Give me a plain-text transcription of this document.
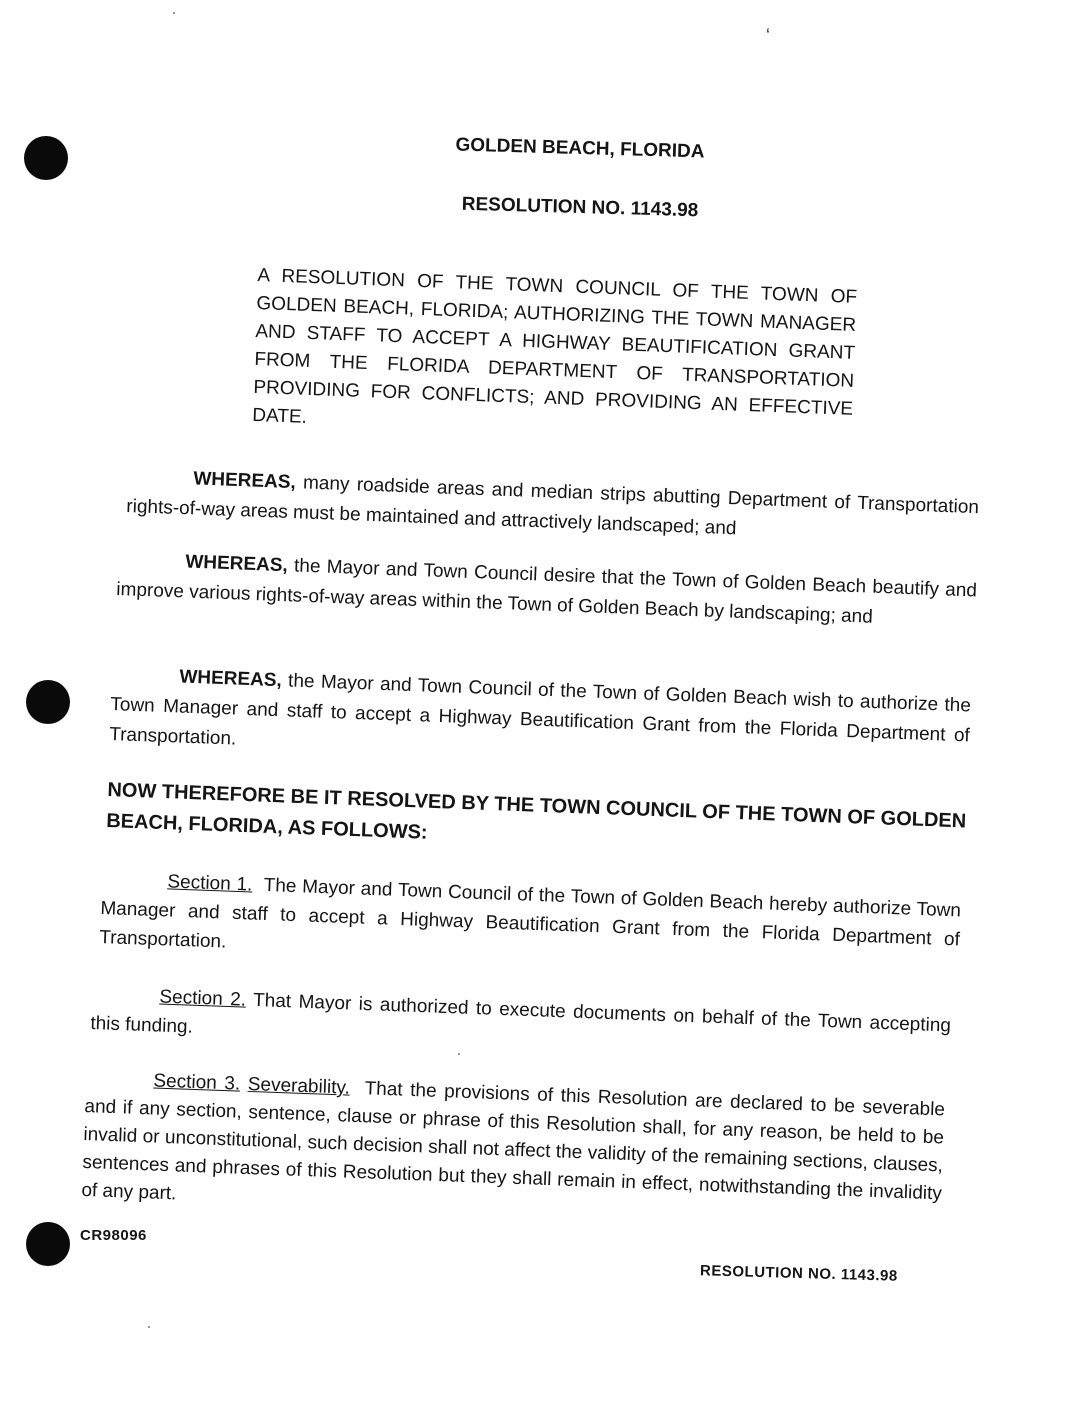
ʻ
GOLDEN BEACH, FLORIDA
RESOLUTION NO. 1143.98
A RESOLUTION OF THE TOWN COUNCIL OF THE TOWN OF GOLDEN BEACH, FLORIDA; AUTHORIZING THE TOWN MANAGER AND STAFF TO ACCEPT A HIGHWAY BEAUTIFICATION GRANT FROM THE FLORIDA DEPARTMENT OF TRANSPORTATION PROVIDING FOR CONFLICTS; AND PROVIDING AN EFFECTIVE DATE.
WHEREAS, many roadside areas and median strips abutting Department of Transportation rights-of-way areas must be maintained and attractively landscaped; and
WHEREAS, the Mayor and Town Council desire that the Town of Golden Beach beautify and improve various rights-of-way areas within the Town of Golden Beach by landscaping; and
WHEREAS, the Mayor and Town Council of the Town of Golden Beach wish to authorize the Town Manager and staff to accept a Highway Beautification Grant from the Florida Department of Transportation.
NOW THEREFORE BE IT RESOLVED BY THE TOWN COUNCIL OF THE TOWN OF GOLDEN BEACH, FLORIDA, AS FOLLOWS:
Section 1. The Mayor and Town Council of the Town of Golden Beach hereby authorize Town Manager and staff to accept a Highway Beautification Grant from the Florida Department of Transportation.
Section 2. That Mayor is authorized to execute documents on behalf of the Town accepting this funding.
Section 3. Severability. That the provisions of this Resolution are declared to be severable and if any section, sentence, clause or phrase of this Resolution shall, for any reason, be held to be invalid or unconstitutional, such decision shall not affect the validity of the remaining sections, clauses, sentences and phrases of this Resolution but they shall remain in effect, notwithstanding the invalidity of any part.
CR98096
RESOLUTION NO. 1143.98
